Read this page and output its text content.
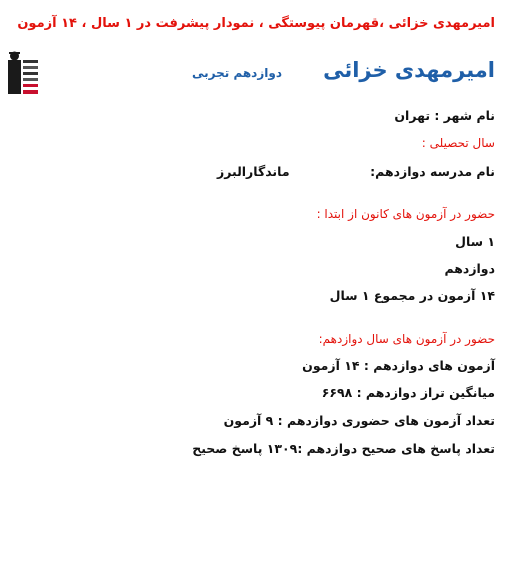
امیرمهدی خزائی ،قهرمان پیوستگی ، نمودار پیشرفت در ۱ سال ، ۱۴ آزمون
امیرمهدی خزائی
دوازدهم تجربی
نام شهر : تهران
سال تحصیلی :
نام مدرسه دوازدهم:
ماندگارالبرز
حضور در آزمون های کانون از ابتدا :
۱ سال
دوازدهم
۱۴ آزمون در مجموع ۱ سال
حضور در آزمون های سال دوازدهم:
آزمون های دوازدهم : ۱۴ آزمون
میانگین تراز دوازدهم : ۶۶۹۸
تعداد آزمون های حضوری دوازدهم : ۹ آزمون
تعداد پاسخ های صحیح دوازدهم :۱۳۰۹ پاسخ صحیح
